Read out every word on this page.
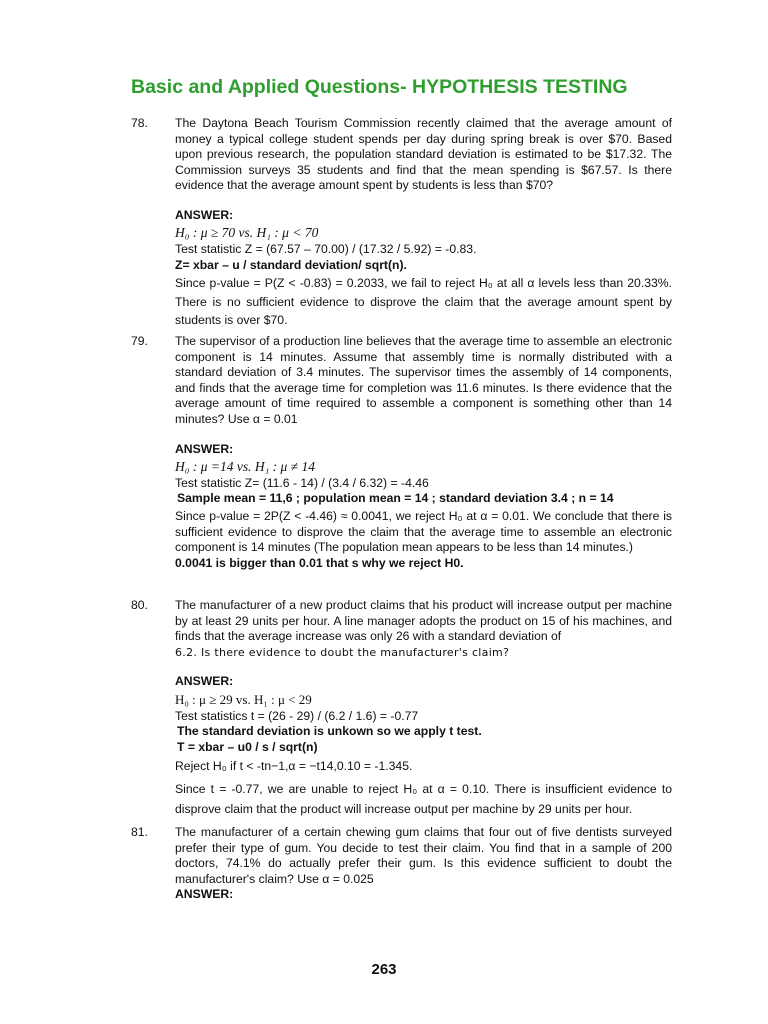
Basic and Applied Questions- HYPOTHESIS TESTING
78. The Daytona Beach Tourism Commission recently claimed that the average amount of money a typical college student spends per day during spring break is over $70. Based upon previous research, the population standard deviation is estimated to be $17.32. The Commission surveys 35 students and find that the mean spending is $67.57. Is there evidence that the average amount spent by students is less than $70?

ANSWER:

H₀ : μ ≥ 70 vs. H₁ : μ < 70

Test statistic Z = (67.57 – 70.00) / (17.32 / 5.92) = -0.83.

Z= xbar – u / standard deviation/ sqrt(n).

Since p-value = P(Z < -0.83) = 0.2033, we fail to reject H₀ at all α levels less than 20.33%. There is no sufficient evidence to disprove the claim that the average amount spent by students is over $70.

79. The supervisor of a production line believes that the average time to assemble an electronic component is 14 minutes. Assume that assembly time is normally distributed with a standard deviation of 3.4 minutes. The supervisor times the assembly of 14 components, and finds that the average time for completion was 11.6 minutes. Is there evidence that the average amount of time required to assemble a component is something other than 14 minutes? Use α = 0.01

ANSWER:

H₀ : μ =14 vs. H₁ : μ ≠ 14

Test statistic Z= (11.6 - 14) / (3.4 / 6.32) = -4.46

Sample mean = 11,6 ; population mean = 14 ; standard deviation 3.4 ; n = 14

Since p-value = 2P(Z < -4.46) ≈ 0.0041, we reject H₀ at α = 0.01. We conclude that there is sufficient evidence to disprove the claim that the average time to assemble an electronic component is 14 minutes (The population mean appears to be less than 14 minutes.)

0.0041 is bigger than 0.01 that s why we reject H0.

80. The manufacturer of a new product claims that his product will increase output per machine by at least 29 units per hour. A line manager adopts the product on 15 of his machines, and finds that the average increase was only 26 with a standard deviation of

6.2. Is there evidence to doubt the manufacturer's claim?

ANSWER:

H₀ : μ ≥ 29 vs. H₁ : μ < 29

Test statistics t = (26 - 29) / (6.2 / 1.6) = -0.77

The standard deviation is unkown so we apply t test.

T = xbar – u0 / s / sqrt(n)

Reject H₀ if t < -tn−1,α = −t14,0.10 = -1.345.

Since t = -0.77, we are unable to reject H₀ at α = 0.10. There is insufficient evidence to disprove claim that the product will increase output per machine by 29 units per hour.

81. The manufacturer of a certain chewing gum claims that four out of five dentists surveyed prefer their type of gum. You decide to test their claim. You find that in a sample of 200 doctors, 74.1% do actually prefer their gum. Is this evidence sufficient to doubt the manufacturer's claim? Use α = 0.025

ANSWER:

263
